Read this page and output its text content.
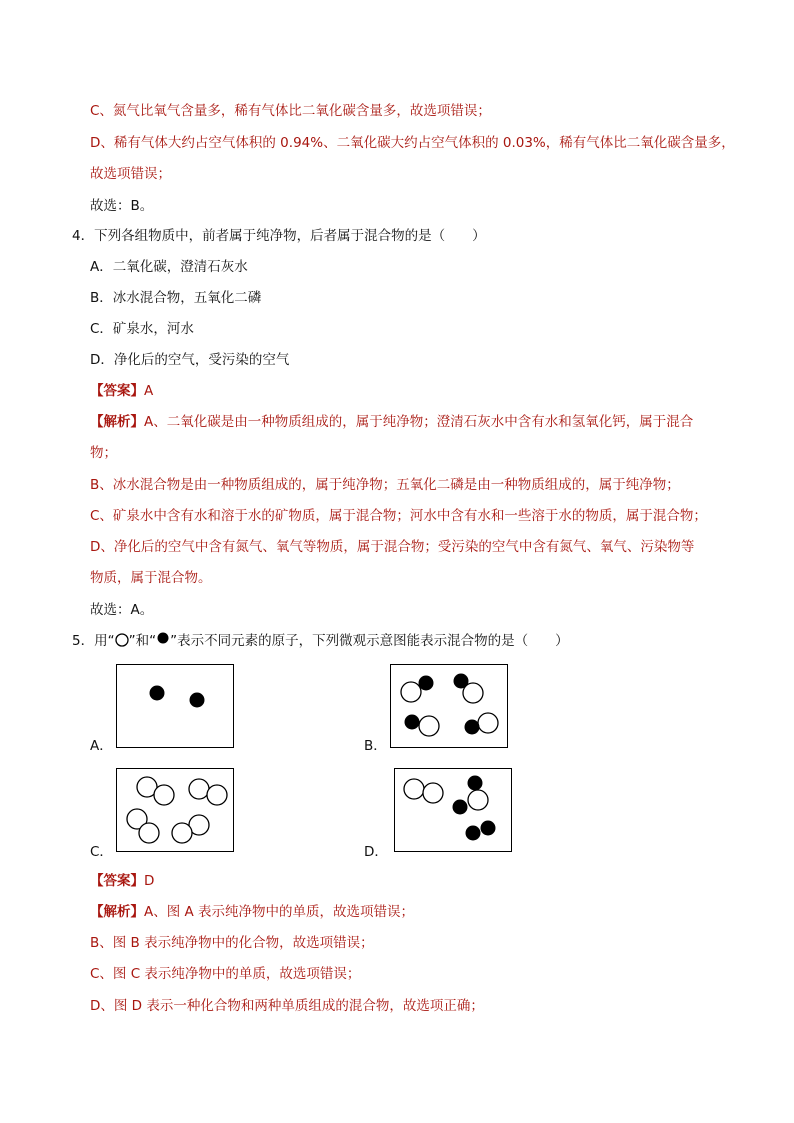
C、氮气比氧气含量多，稀有气体比二氧化碳含量多，故选项错误；
D、稀有气体大约占空气体积的 0.94%、二氧化碳大约占空气体积的 0.03%，稀有气体比二氧化碳含量多，
故选项错误；
故选：B。
4．下列各组物质中，前者属于纯净物，后者属于混合物的是（　　）
A．二氧化碳，澄清石灰水
B．冰水混合物，五氧化二磷
C．矿泉水，河水
D．净化后的空气，受污染的空气
【答案】A
【解析】A、二氧化碳是由一种物质组成的，属于纯净物；澄清石灰水中含有水和氢氧化钙，属于混合
物；
B、冰水混合物是由一种物质组成的，属于纯净物；五氧化二磷是由一种物质组成的，属于纯净物；
C、矿泉水中含有水和溶于水的矿物质，属于混合物；河水中含有水和一些溶于水的物质，属于混合物；
D、净化后的空气中含有氮气、氧气等物质，属于混合物；受污染的空气中含有氮气、氧气、污染物等
物质，属于混合物。
故选：A。
5．用“ ”和“ ”表示不同元素的原子，下列微观示意图能表示混合物的是（　　）
A．	B．
C．	D．
【答案】D
【解析】A、图 A 表示纯净物中的单质，故选项错误；
B、图 B 表示纯净物中的化合物，故选项错误；
C、图 C 表示纯净物中的单质，故选项错误；
D、图 D 表示一种化合物和两种单质组成的混合物，故选项正确；
